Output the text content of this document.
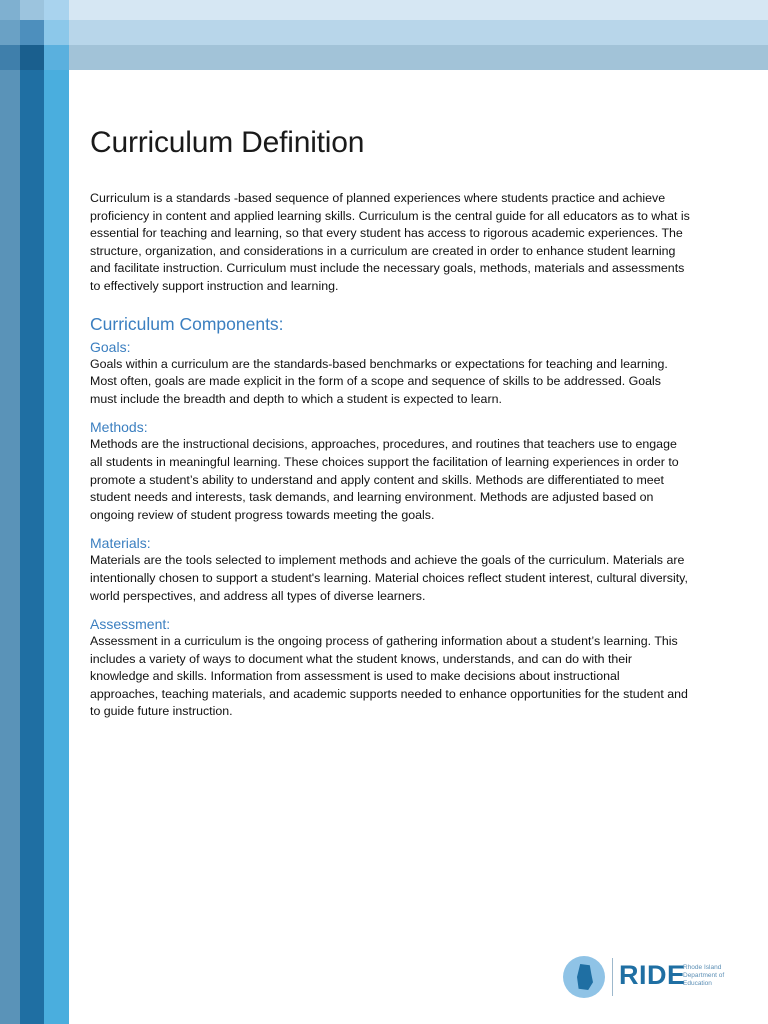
Curriculum Definition

Curriculum is a standards -based sequence of planned experiences where students practice and achieve proficiency in content and applied learning skills. Curriculum is the central guide for all educators as to what is essential for teaching and learning, so that every student has access to rigorous academic experiences. The structure, organization, and considerations in a curriculum are created in order to enhance student learning and facilitate instruction. Curriculum must include the necessary goals, methods, materials and assessments to effectively support instruction and learning.

Curriculum Components:
Goals:

Goals within a curriculum are the standards-based benchmarks or expectations for teaching and learning. Most often, goals are made explicit in the form of a scope and sequence of skills to be addressed. Goals must include the breadth and depth to which a student is expected to learn.

Methods:

Methods are the instructional decisions, approaches, procedures, and routines that teachers use to engage all students in meaningful learning. These choices support the facilitation of learning experiences in order to promote a student’s ability to understand and apply content and skills. Methods are differentiated to meet student needs and interests, task demands, and learning environment. Methods are adjusted based on ongoing review of student progress towards meeting the goals.

Materials:

Materials are the tools selected to implement methods and achieve the goals of the curriculum. Materials are intentionally chosen to support a student's learning. Material choices reflect student interest, cultural diversity, world perspectives, and address all types of diverse learners.

Assessment:

Assessment in a curriculum is the ongoing process of gathering information about a student’s learning. This includes a variety of ways to document what the student knows, understands, and can do with their knowledge and skills. Information from assessment is used to make decisions about instructional approaches, teaching materials, and academic supports needed to enhance opportunities for the student and to guide future instruction.

RIDE
Rhode Island Department of Education
